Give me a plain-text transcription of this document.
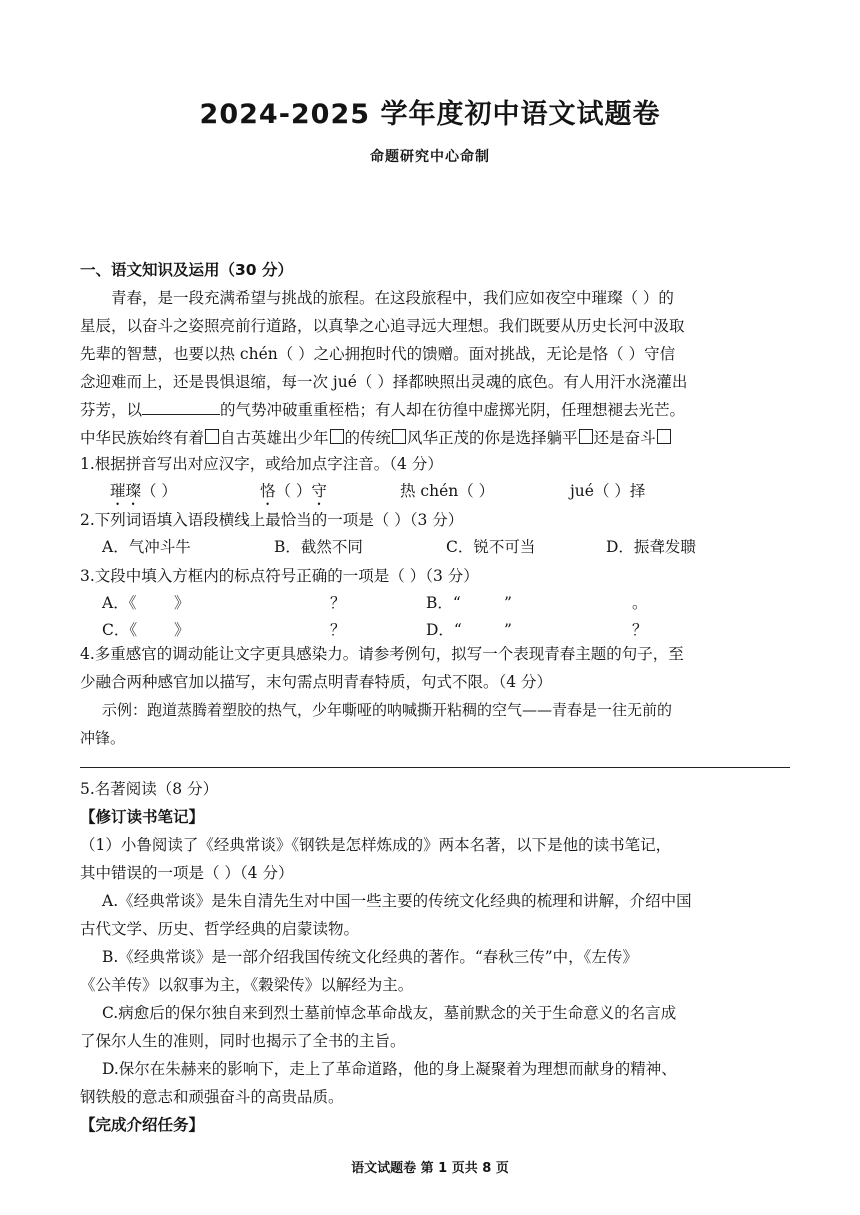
2024-2025 学年度初中语文试题卷
命题研究中心命制
一、语文知识及运用（30 分）
青春，是一段充满希望与挑战的旅程。在这段旅程中，我们应如夜空中璀璨（ ）的
星辰，以奋斗之姿照亮前行道路，以真挚之心追寻远大理想。我们既要从历史长河中汲取
先辈的智慧，也要以热 chén（ ）之心拥抱时代的馈赠。面对挑战，无论是恪（ ）守信
念迎难而上，还是畏惧退缩，每一次 jué（ ）择都映照出灵魂的底色。有人用汗水浇灌出
芬芳，以	的气势冲破重重桎梏；有人却在彷徨中虚掷光阴，任理想褪去光芒。
中华民族始终有着 自古英雄出少年 的传统 风华正茂的你是选择躺平 还是奋斗
1.根据拼音写出对应汉字，或给加点字注音。（4 分）
璀璨（ ）	恪（ ）守	热 chén（ ）	jué（ ）择
2.下列词语填入语段横线上最恰当的一项是（ ）（3 分）
A．气冲斗牛	B．截然不同	C．锐不可当	D．振聋发聩
3.文段中填入方框内的标点符号正确的一项是（ ）（3 分）
A．《	》	？	B．“	”	。
C．《	》	？	D．“	”	？
4.多重感官的调动能让文字更具感染力。请参考例句，拟写一个表现青春主题的句子，至
少融合两种感官加以描写，末句需点明青春特质，句式不限。（4 分）
示例：跑道蒸腾着塑胶的热气，少年嘶哑的呐喊撕开粘稠的空气——青春是一往无前的
冲锋。
5.名著阅读（8 分）
【修订读书笔记】
（1）小鲁阅读了《经典常谈》《钢铁是怎样炼成的》两本名著，以下是他的读书笔记，
其中错误的一项是（ ）（4 分）
A.《经典常谈》是朱自清先生对中国一些主要的传统文化经典的梳理和讲解，介绍中国
古代文学、历史、哲学经典的启蒙读物。
B.《经典常谈》是一部介绍我国传统文化经典的著作。“春秋三传”中，《左传》
《公羊传》以叙事为主，《穀梁传》以解经为主。
C.病愈后的保尔独自来到烈士墓前悼念革命战友，墓前默念的关于生命意义的名言成
了保尔人生的准则，同时也揭示了全书的主旨。
D.保尔在朱赫来的影响下，走上了革命道路，他的身上凝聚着为理想而献身的精神、
钢铁般的意志和顽强奋斗的高贵品质。
【完成介绍任务】
语文试题卷 第 1 页共 8 页
